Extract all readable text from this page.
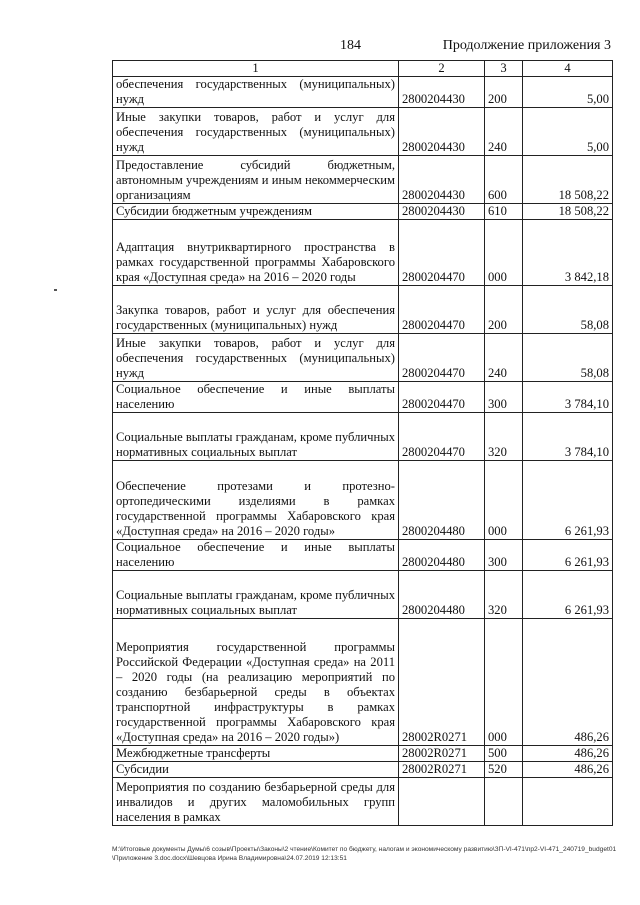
184	Продолжение приложения 3
1	2	3	4
обеспечения государственных (муниципальных) нужд	2800204430	200	5,00
Иные закупки товаров, работ и услуг для обеспечения государственных (муниципальных) нужд	2800204430	240	5,00
Предоставление субсидий бюджетным, автономным учреждениям и иным некоммерческим организациям	2800204430	600	18 508,22
Субсидии бюджетным учреждениям	2800204430	610	18 508,22
Адаптация внутриквартирного пространства в рамках государственной программы Хабаровского края «Доступная среда» на 2016 – 2020 годы	2800204470	000	3 842,18
Закупка товаров, работ и услуг для обеспечения государственных (муниципальных) нужд	2800204470	200	58,08
Иные закупки товаров, работ и услуг для обеспечения государственных (муниципальных) нужд	2800204470	240	58,08
Социальное обеспечение и иные выплаты населению	2800204470	300	3 784,10
Социальные выплаты гражданам, кроме публичных нормативных социальных выплат	2800204470	320	3 784,10
Обеспечение протезами и протезно-ортопедическими изделиями в рамках государственной программы Хабаровского края «Доступная среда» на 2016 – 2020 годы»	2800204480	000	6 261,93
Социальное обеспечение и иные выплаты населению	2800204480	300	6 261,93
Социальные выплаты гражданам, кроме публичных нормативных социальных выплат	2800204480	320	6 261,93
Мероприятия государственной программы Российской Федерации «Доступная среда» на 2011 – 2020 годы (на реализацию мероприятий по созданию безбарьерной среды в объектах транспортной инфраструктуры в рамках государственной программы Хабаровского края «Доступная среда» на 2016 – 2020 годы»)	28002R0271	000	486,26
Межбюджетные трансферты	28002R0271	500	486,26
Субсидии	28002R0271	520	486,26
Мероприятия по созданию безбарьерной среды для инвалидов и других маломобильных групп населения в рамках			
M:\Итоговые документы Думы\6 созыв\Проекты\Законы\2 чтение\Комитет по бюджету, налогам и экономическому развитию\ЗП-VI-471\пр2-VI-471_240719_budget01\Приложение 3.doc.docx\Шевцова Ирина Владимировна\24.07.2019 12:13:51
